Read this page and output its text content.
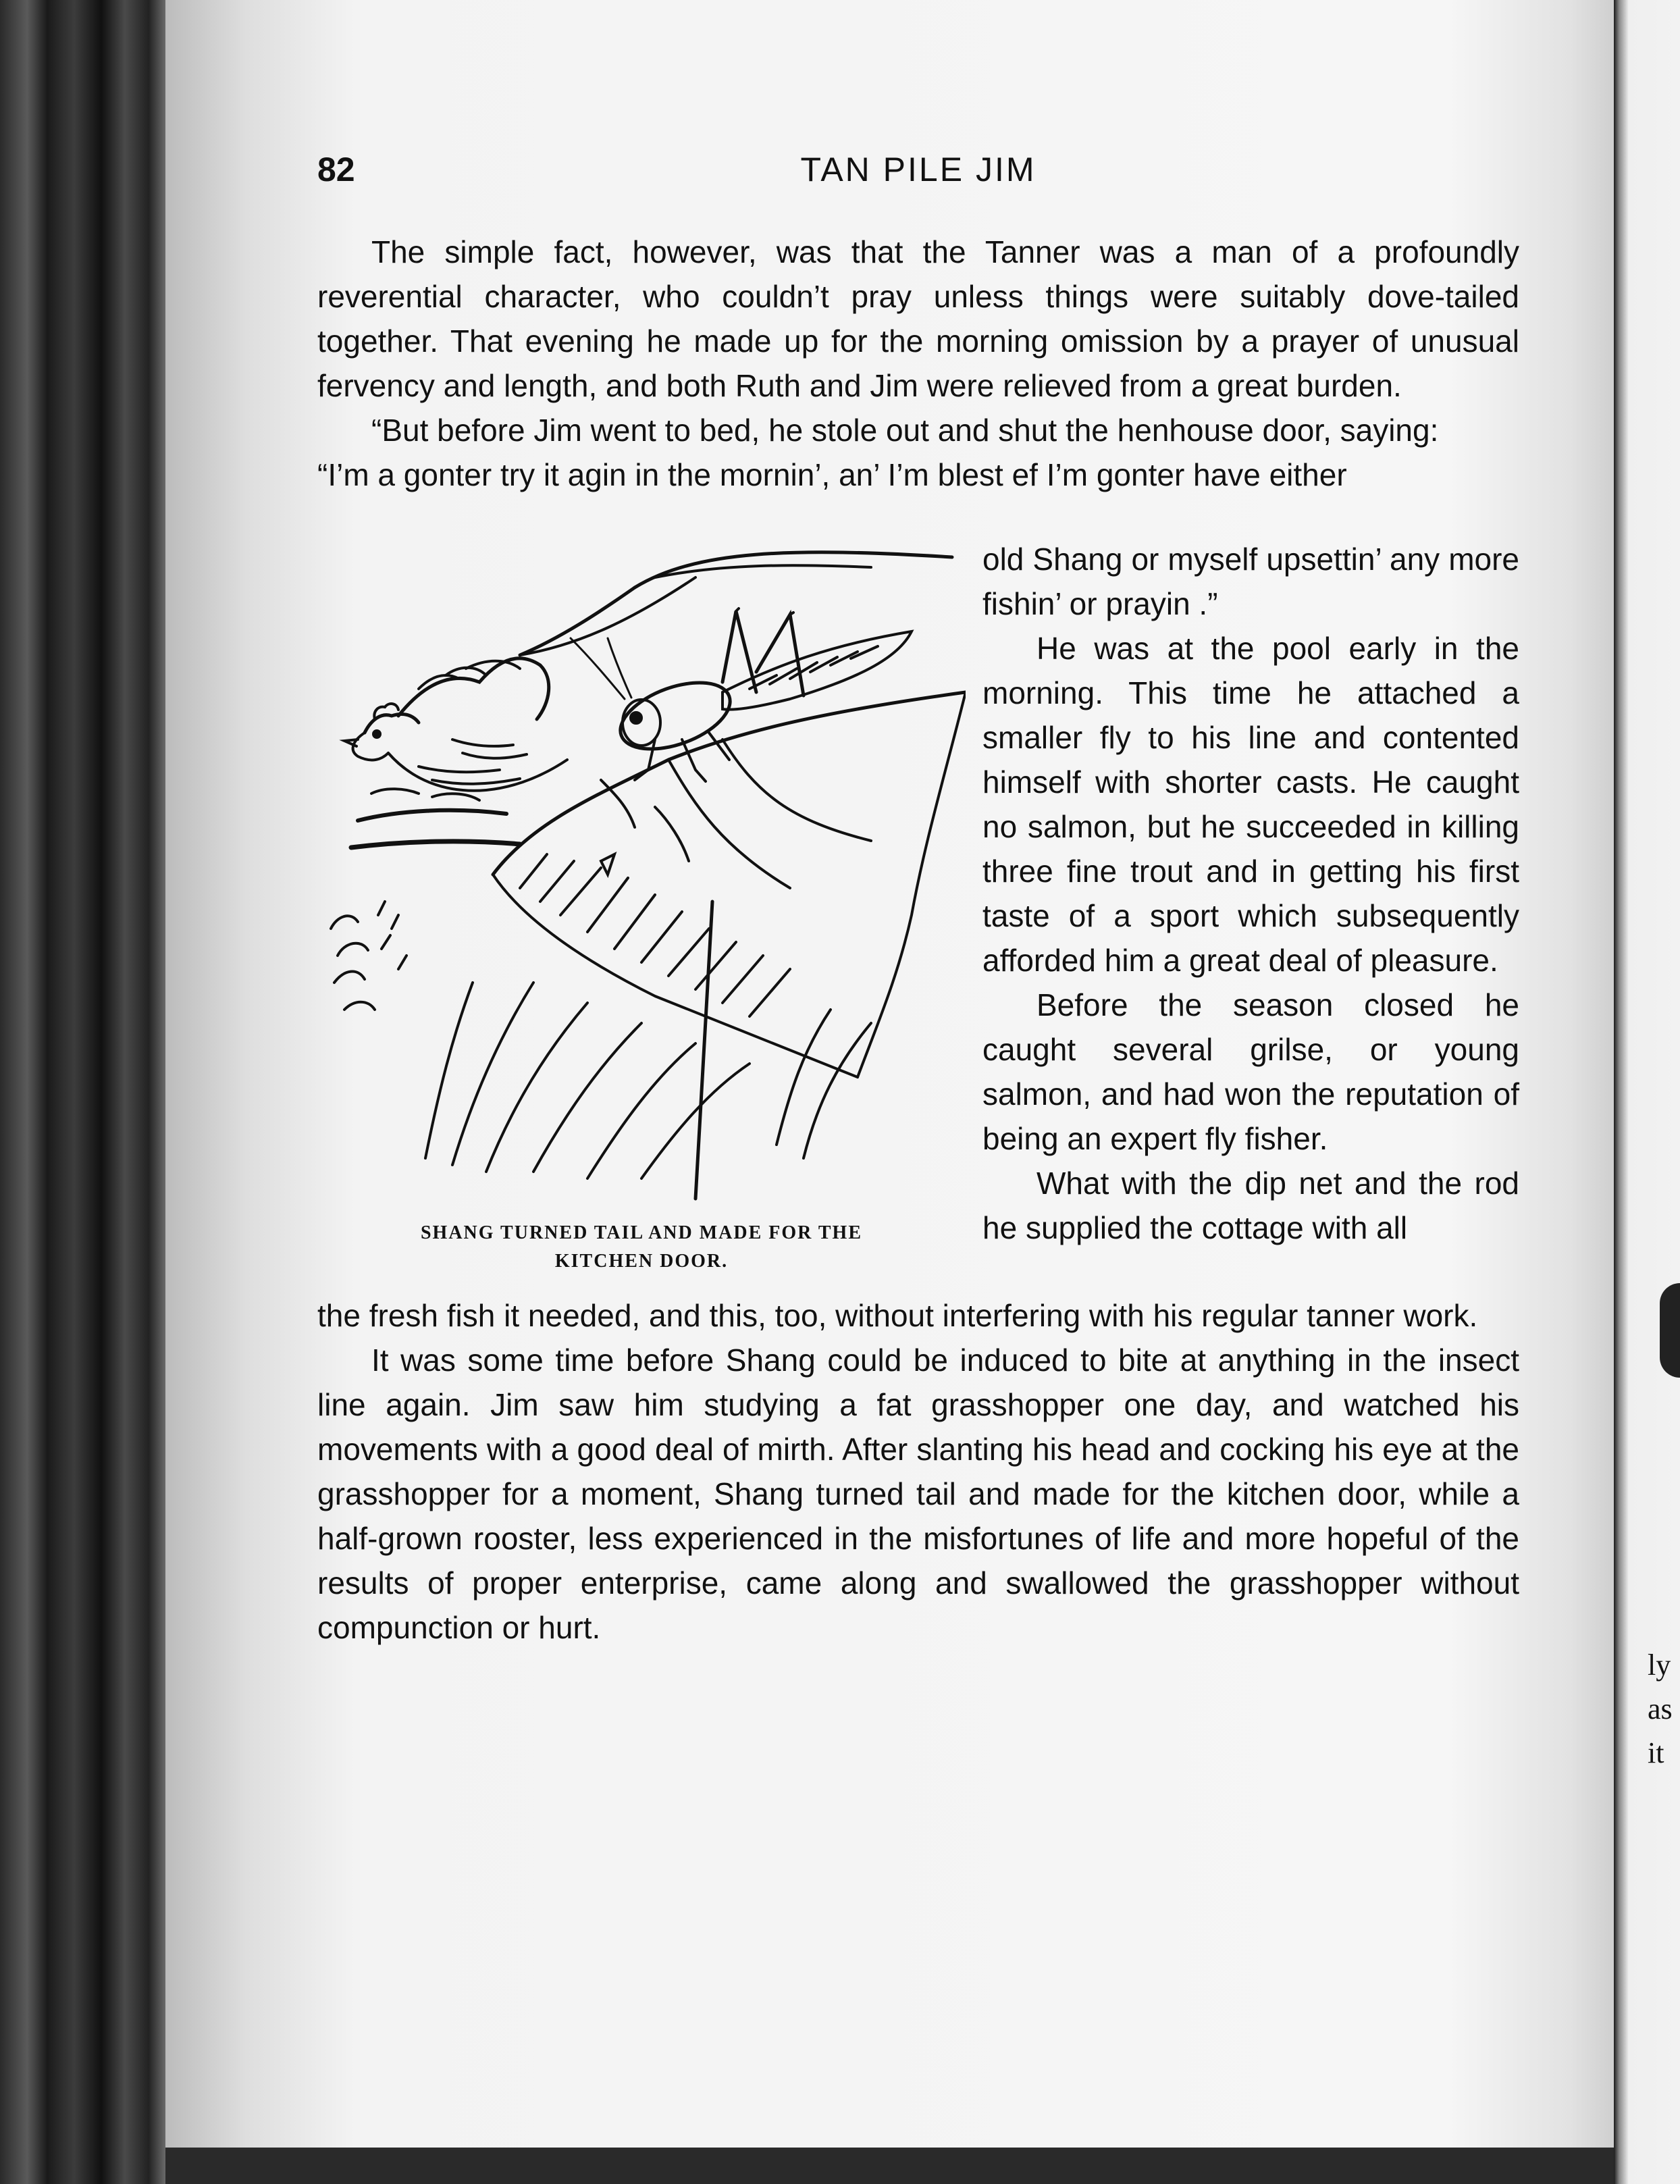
ly
as
it
82	TAN PILE JIM

The simple fact, however, was that the Tanner was a man of a profoundly reverential character, who couldn’t pray unless things were suitably dove-tailed together. That evening he made up for the morning omission by a prayer of unusual fervency and length, and both Ruth and Jim were relieved from a great burden.

“But before Jim went to bed, he stole out and shut the henhouse door, saying:

“I’m a gonter try it agin in the mornin’, an’ I’m blest ef I’m gonter have either

SHANG TURNED TAIL AND MADE FOR THE
KITCHEN DOOR.

old Shang or myself upsettin’ any more fishin’ or prayin .”

He was at the pool early in the morning. This time he attached a smaller fly to his line and contented himself with shorter casts. He caught no salmon, but he succeeded in killing three fine trout and in getting his first taste of a sport which subsequently afforded him a great deal of pleasure.

Before the season closed he caught several grilse, or young salmon, and had won the reputation of being an expert fly fisher.

What with the dip net and the rod he supplied the cottage with all

the fresh fish it needed, and this, too, without interfering with his regular tanner work.

It was some time before Shang could be induced to bite at anything in the insect line again. Jim saw him studying a fat grasshopper one day, and watched his movements with a good deal of mirth. After slanting his head and cocking his eye at the grasshopper for a moment, Shang turned tail and made for the kitchen door, while a half-grown rooster, less experienced in the misfortunes of life and more hopeful of the results of proper enterprise, came along and swallowed the grasshopper without compunction or hurt.
